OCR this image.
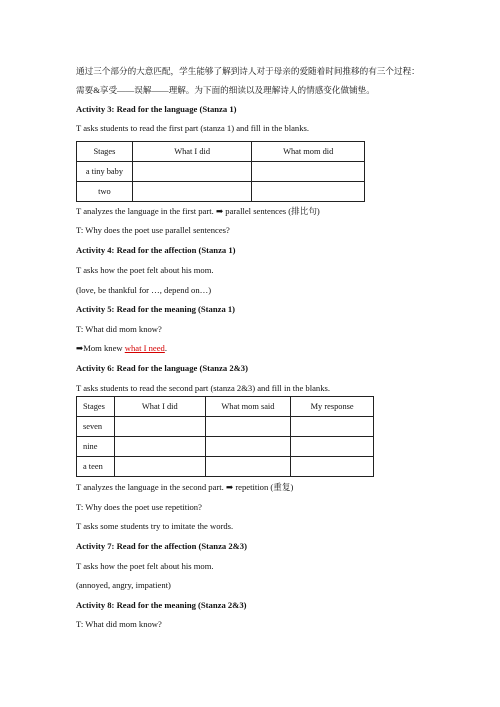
通过三个部分的大意匹配，学生能够了解到诗人对于母亲的爱随着时间推移的有三个过程：
需要&享受——误解——理解。为下面的细读以及理解诗人的情感变化做铺垫。
Activity 3: Read for the language (Stanza 1)
T asks students to read the first part (stanza 1) and fill in the blanks.
Stages	What I did	What mom did
a tiny baby		
two		
T analyzes the language in the first part. ➡ parallel sentences (排比句)
T: Why does the poet use parallel sentences?
Activity 4: Read for the affection (Stanza 1)
T asks how the poet felt about his mom.
(love, be thankful for …, depend on…)
Activity 5: Read for the meaning (Stanza 1)
T: What did mom know?
➡Mom knew what I need.
Activity 6: Read for the language (Stanza 2&3)
T asks students to read the second part (stanza 2&3) and fill in the blanks.
Stages	What I did	What mom said	My response
seven			
nine			
a teen			
T analyzes the language in the second part. ➡ repetition (重复)
T: Why does the poet use repetition?
T asks some students try to imitate the words.
Activity 7: Read for the affection (Stanza 2&3)
T asks how the poet felt about his mom.
(annoyed, angry, impatient)
Activity 8: Read for the meaning (Stanza 2&3)
T: What did mom know?
